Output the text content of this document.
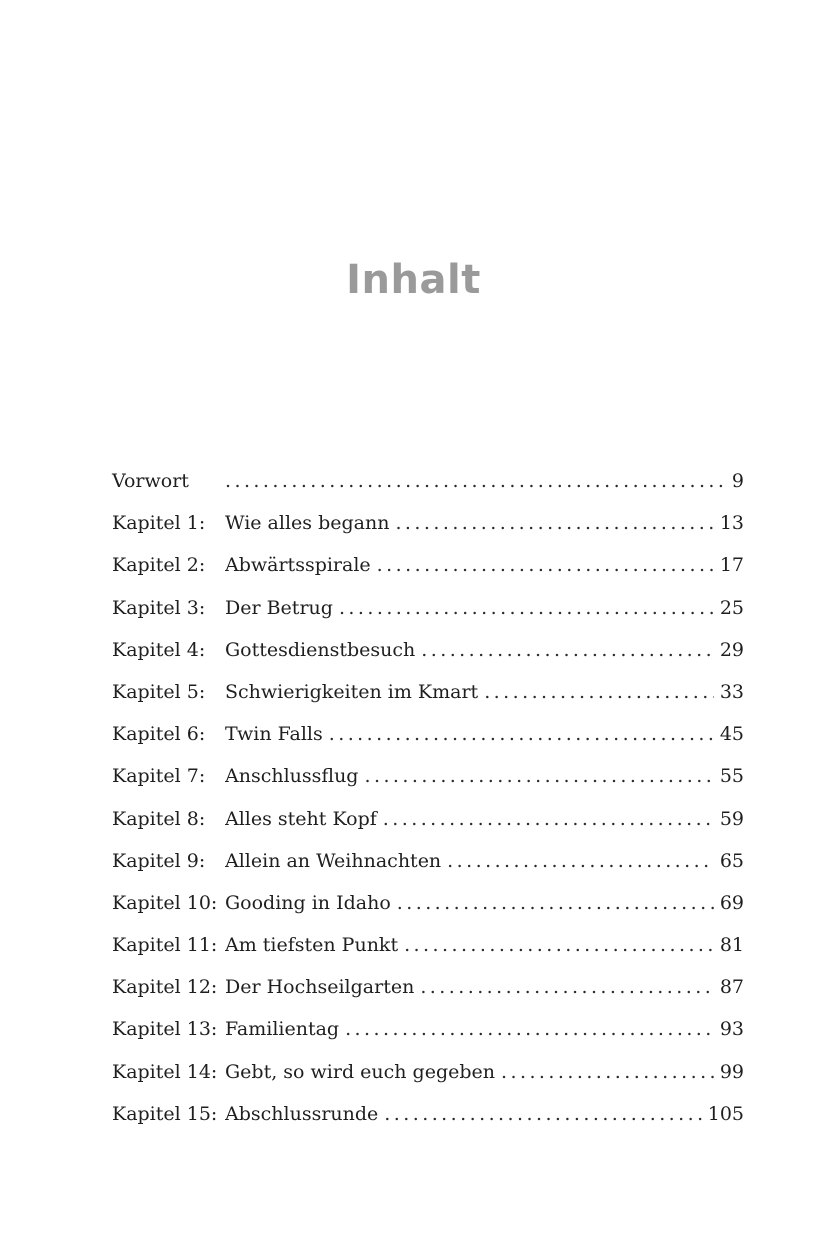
Inhalt
Vorwort . . .	9
Kapitel 1:	Wie alles begann . . .	13
Kapitel 2:	Abwärtsspirale . . .	17
Kapitel 3:	Der Betrug . . .	25
Kapitel 4:	Gottesdienstbesuch . . .	29
Kapitel 5:	Schwierigkeiten im Kmart . . .	33
Kapitel 6:	Twin Falls . . .	45
Kapitel 7:	Anschlussflug . . .	55
Kapitel 8:	Alles steht Kopf . . .	59
Kapitel 9:	Allein an Weihnachten . . .	65
Kapitel 10: Gooding in Idaho . . .	69
Kapitel 11: Am tiefsten Punkt . . .	81
Kapitel 12: Der Hochseilgarten . . .	87
Kapitel 13: Familientag . . .	93
Kapitel 14: Gebt, so wird euch gegeben . . .	99
Kapitel 15: Abschlussrunde . . .	105
